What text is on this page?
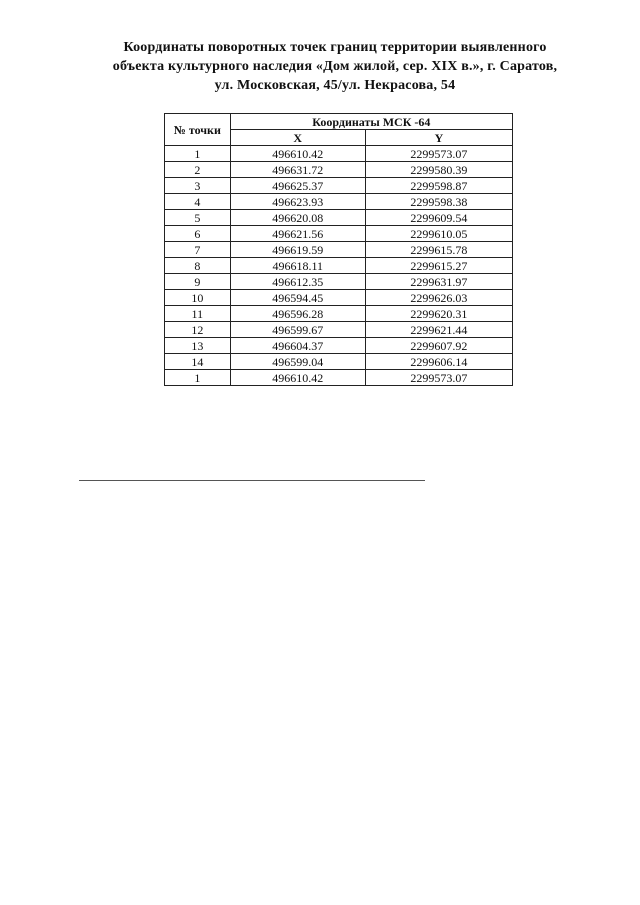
Координаты поворотных точек границ территории выявленного
объекта культурного наследия «Дом жилой, сер. XIX в.», г. Саратов,
ул. Московская, 45/ул. Некрасова, 54
№ точки	Координаты МСК -64	
	X	Y
1	496610.42	2299573.07
2	496631.72	2299580.39
3	496625.37	2299598.87
4	496623.93	2299598.38
5	496620.08	2299609.54
6	496621.56	2299610.05
7	496619.59	2299615.78
8	496618.11	2299615.27
9	496612.35	2299631.97
10	496594.45	2299626.03
11	496596.28	2299620.31
12	496599.67	2299621.44
13	496604.37	2299607.92
14	496599.04	2299606.14
1	496610.42	2299573.07
